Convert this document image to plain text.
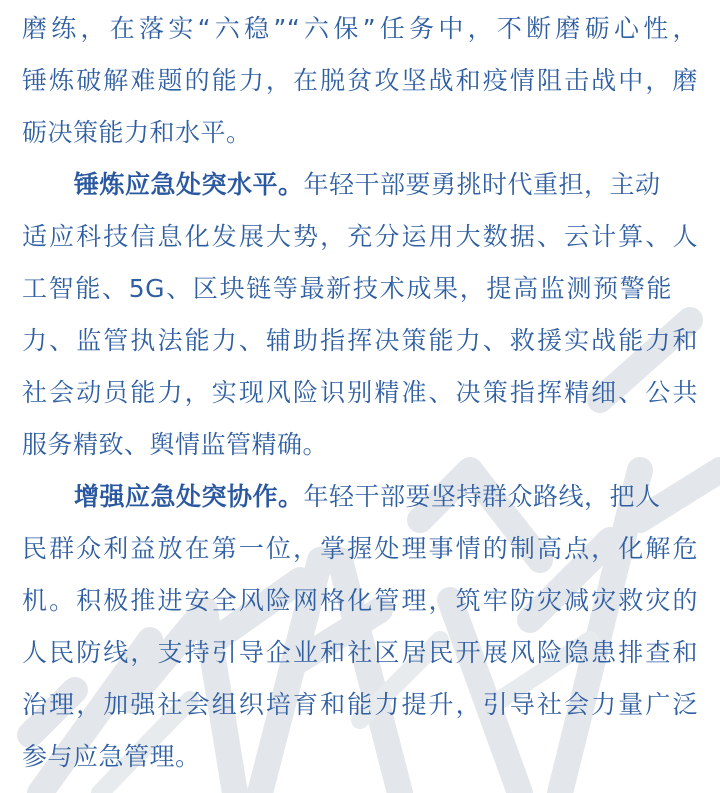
磨练，在落实“六稳”“六保”任务中，不断磨砺心性，
锤炼破解难题的能力，在脱贫攻坚战和疫情阻击战中，磨
砺决策能力和水平。
锤炼应急处突水平。年轻干部要勇挑时代重担，主动
适应科技信息化发展大势，充分运用大数据、云计算、人
工智能、5G、区块链等最新技术成果，提高监测预警能
力、监管执法能力、辅助指挥决策能力、救援实战能力和
社会动员能力，实现风险识别精准、决策指挥精细、公共
服务精致、舆情监管精确。
增强应急处突协作。年轻干部要坚持群众路线，把人
民群众利益放在第一位，掌握处理事情的制高点，化解危
机。积极推进安全风险网格化管理，筑牢防灾减灾救灾的
人民防线，支持引导企业和社区居民开展风险隐患排查和
治理，加强社会组织培育和能力提升，引导社会力量广泛
参与应急管理。
